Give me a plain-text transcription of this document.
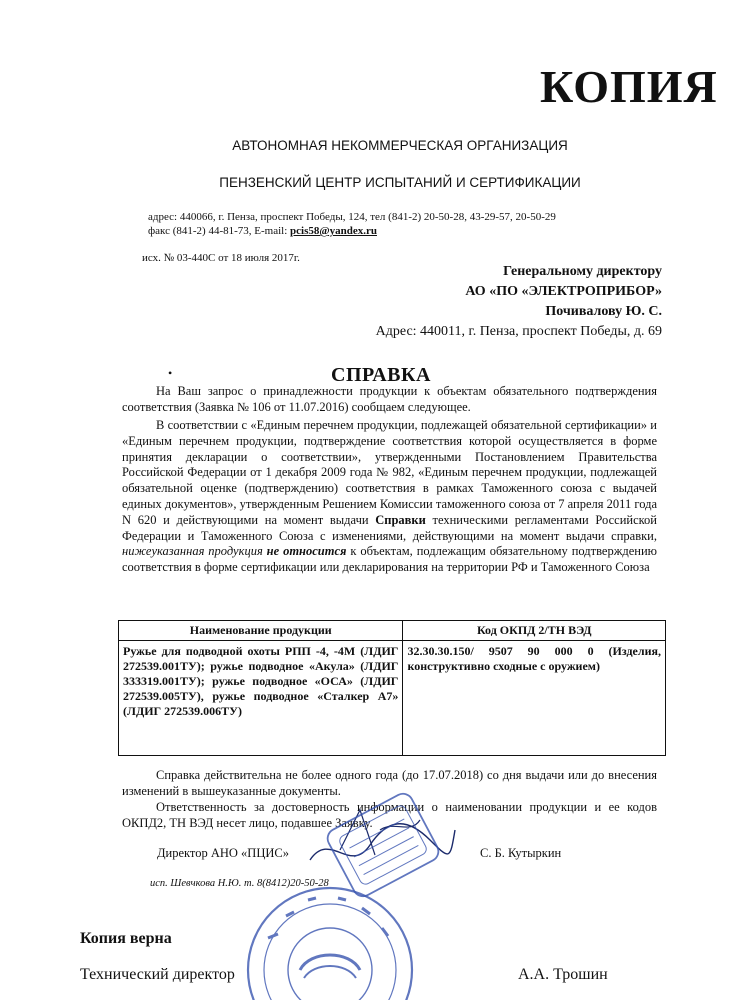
КОПИЯ
АВТОНОМНАЯ НЕКОММЕРЧЕСКАЯ ОРГАНИЗАЦИЯ
ПЕНЗЕНСКИЙ ЦЕНТР ИСПЫТАНИЙ И СЕРТИФИКАЦИИ
адрес: 440066, г. Пенза, проспект Победы, 124, тел (841-2) 20-50-28, 43-29-57, 20-50-29
факс (841-2) 44-81-73, E-mail: pcis58@yandex.ru
исх. № 03-440С от 18 июля 2017г.
Генеральному директору
АО «ПО «ЭЛЕКТРОПРИБОР»
Почивалову Ю. С.
Адрес: 440011, г. Пенза, проспект Победы, д. 69
•	СПРАВКА
На Ваш запрос о принадлежности продукции к объектам обязательного подтверждения соответствия (Заявка № 106 от 11.07.2016) сообщаем следующее.
В соответствии с «Единым перечнем продукции, подлежащей обязательной сертификации» и «Единым перечнем продукции, подтверждение соответствия которой осуществляется в форме принятия декларации о соответствии», утвержденными Постановлением Правительства Российской Федерации от 1 декабря 2009 года № 982, «Единым перечнем продукции, подлежащей обязательной оценке (подтверждению) соответствия в рамках Таможенного союза с выдачей единых документов», утвержденным Решением Комиссии таможенного союза от 7 апреля 2011 года N 620 и действующими на момент выдачи Справки техническими регламентами Российской Федерации и Таможенного Союза с изменениями, действующими на момент выдачи справки, нижеуказанная продукция не относится к объектам, подлежащим обязательному подтверждению соответствия в форме сертификации или декларирования на территории РФ и Таможенного Союза
Наименование продукции	Код ОКПД 2/ТН ВЭД
Ружье для подводной охоты РПП -4, -4М (ЛДИГ 272539.001ТУ); ружье подводное «Акула» (ЛДИГ 333319.001ТУ); ружье подводное «ОСА» (ЛДИГ 272539.005ТУ), ружье подводное «Сталкер А7» (ЛДИГ 272539.006ТУ)	32.30.30.150/ 9507 90 000 0 (Изделия, конструктивно сходные с оружием)
Справка действительна не более одного года (до 17.07.2018) со дня выдачи или до внесения изменений в вышеуказанные документы.
Ответственность за достоверность информации о наименовании продукции и ее кодов ОКПД2, ТН ВЭД несет лицо, подавшее Заявку.
Директор АНО «ПЦИС»	С. Б. Кутыркин
исп. Шевчкова Н.Ю. т. 8(8412)20-50-28
Копия верна
Технический директор	А.А. Трошин
